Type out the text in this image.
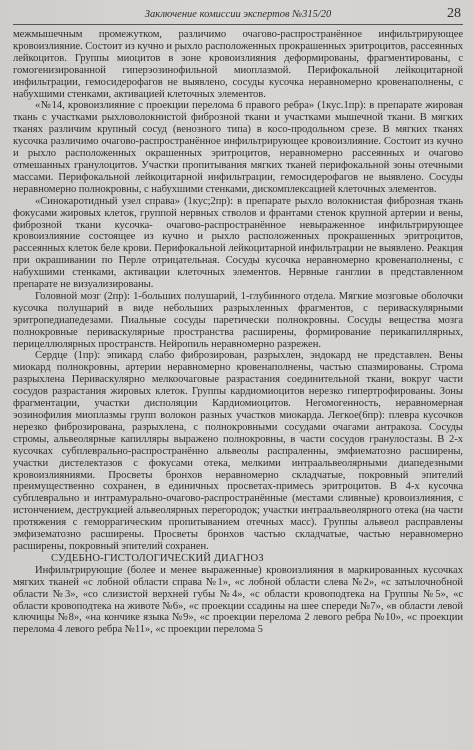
Заключение комиссии экспертов №315/20	28

межмышечным промежутком, различимо очагово-распространённое инфильтрирующее кровоизлияние. Состоит из кучно и рыхло расположенных прокрашенных эритроцитов, рассеянных лейкоцитов. Группы миоцитов в зоне кровоизлияния деформированы, фрагментированы, с гомогенизированной гиперэозинофильной миоплазмой. Перифокальной лейкоцитарной инфильтрации, гемосидерофагов не выявлено, сосуды кусочка неравномерно кровенаполнены, с набухшими стенками, активацией клеточных элементов.

«№14, кровоизлияние с проекции перелома 6 правого ребра» (1кус.1пр): в препарате жировая ткань с участками рыхловолокнистой фиброзной ткани и участками мышечной ткани. В мягких тканях различим крупный сосуд (венозного типа) в косо-продольном срезе. В мягких тканях кусочка различимо очагово-распространённое инфильтрирующее кровоизлияние. Состоит из кучно и рыхло расположенных окрашенных эритроцитов, неравномерно рассеянных и очагово отмешанных гранулоцитов. Участки пропитывания мягких тканей перифокальной зоны отечными массами. Перифокальной лейкоцитарной инфильтрации, гемосидерофагов не выявлено. Сосуды неравномерно полнокровны, с набухшими стенками, дискомплексацией клеточных элементов.

«Синокаротидный узел справа» (1кус;2пр): в препарате рыхло волокнистая фиброзная ткань фокусами жировых клеток, группой нервных стволов и франтами стенок крупной артерии и вены, фиброзной ткани кусочка- очагово-распространённое невыраженное инфильтрирующее кровоизлияние состоящее из кучно и рыхло расположенных прокрашенных эритроцитов, рассеянных клеток беле крови. Перифокальной лейкоцитарной инфильтрации не выявлено. Реакция при окрашивании по Перле отрицательная. Сосуды кусочка неравномерно кровенаполнены, с набухшими стенками, активации клеточных элементов. Нервные ганглии в представленном препарате не визуализированы.

Головной мозг (2пр): 1-больших полушарий, 1-глубинного отдела. Мягкие мозговые оболочки кусочка полушарий в виде небольших разрыхленных фрагментов, с периваскулярными эритропедиапедезами. Пиальные сосуды паретически полнокровны. Сосуды вещества мозга полнокровные периваскулярные пространства расширены, формирование перикапиллярных, перицеллюлярных пространств. Нейропиль неравномерно разрежен.

Сердце (1пр): эпикард слабо фиброзирован, разрыхлен, эндокард не представлен. Вены миокард полнокровны, артерии неравномерно кровенаполнены, частью спазмированы. Строма разрыхлена Периваскулярно мелкоочаговые разрастания соединительной ткани, вокруг части сосудов разрастания жировых клеток. Группы кардиомиоцитов нерезко гипертрофированы. Зоны фрагментации, участки дисполяции Кардиомиоцитов. Негомогенность, неравномерная эозинофилия миоплазмы групп волокон разных участков миокарда. Легкое(6пр): плевра кусочков нерезко фиброзирована, разрыхлена, с полнокровными сосудами очагами антракоза. Сосуды стромы, альвеолярные капилляры выражено полнокровны, в части сосудов гранулостазы. В 2-х кусочках субплеврально-распространённо альвеолы распраленны, эмфиематозно расширены, участки дистелектазов с фокусами отека, мелкими интраальвеолярными диапедезными кровоизлияниями. Просветы бронхов неравномерно складчатые, покровный эпителий преимущественно сохранен, в единичных просветах-примесь эритроцитов. В 4-х кусочка субплеврально и интрамурально-очагово-распространённые (местами сливные) кровоизлияния, с истончением, деструкцией альвеолярных перегородок; участки интраальвеолярного отека (на части протяжения с геморрагическим пропитыванием отечных масс). Группы альвеол расправлены эмфизематозно расширены. Просветы бронхов частью складчатые, частью неравномерно расширены, покровный эпителий сохранен.

СУДЕБНО-ГИСТОЛОГИЧЕСКИЙ ДИАГНОЗ

Инфильтрирующие (более и менее выраженные) кровоизлияния в маркированных кусочках мягких тканей «с лобной области справа №1», «с лобной области слева №2», «с затылочнобной области №3», «со слизистой верхней губы №4», «с области кровоподтека на Группы №5», «с области кровоподтека на животе №6», «с проекции ссадины на шее спереди №7», «в области левой ключицы №8», «на кончике языка №9», «с проекции перелома 2 левого ребра №10», «с проекции перелома 4 левого ребра №11», «с проекции перелома 5
